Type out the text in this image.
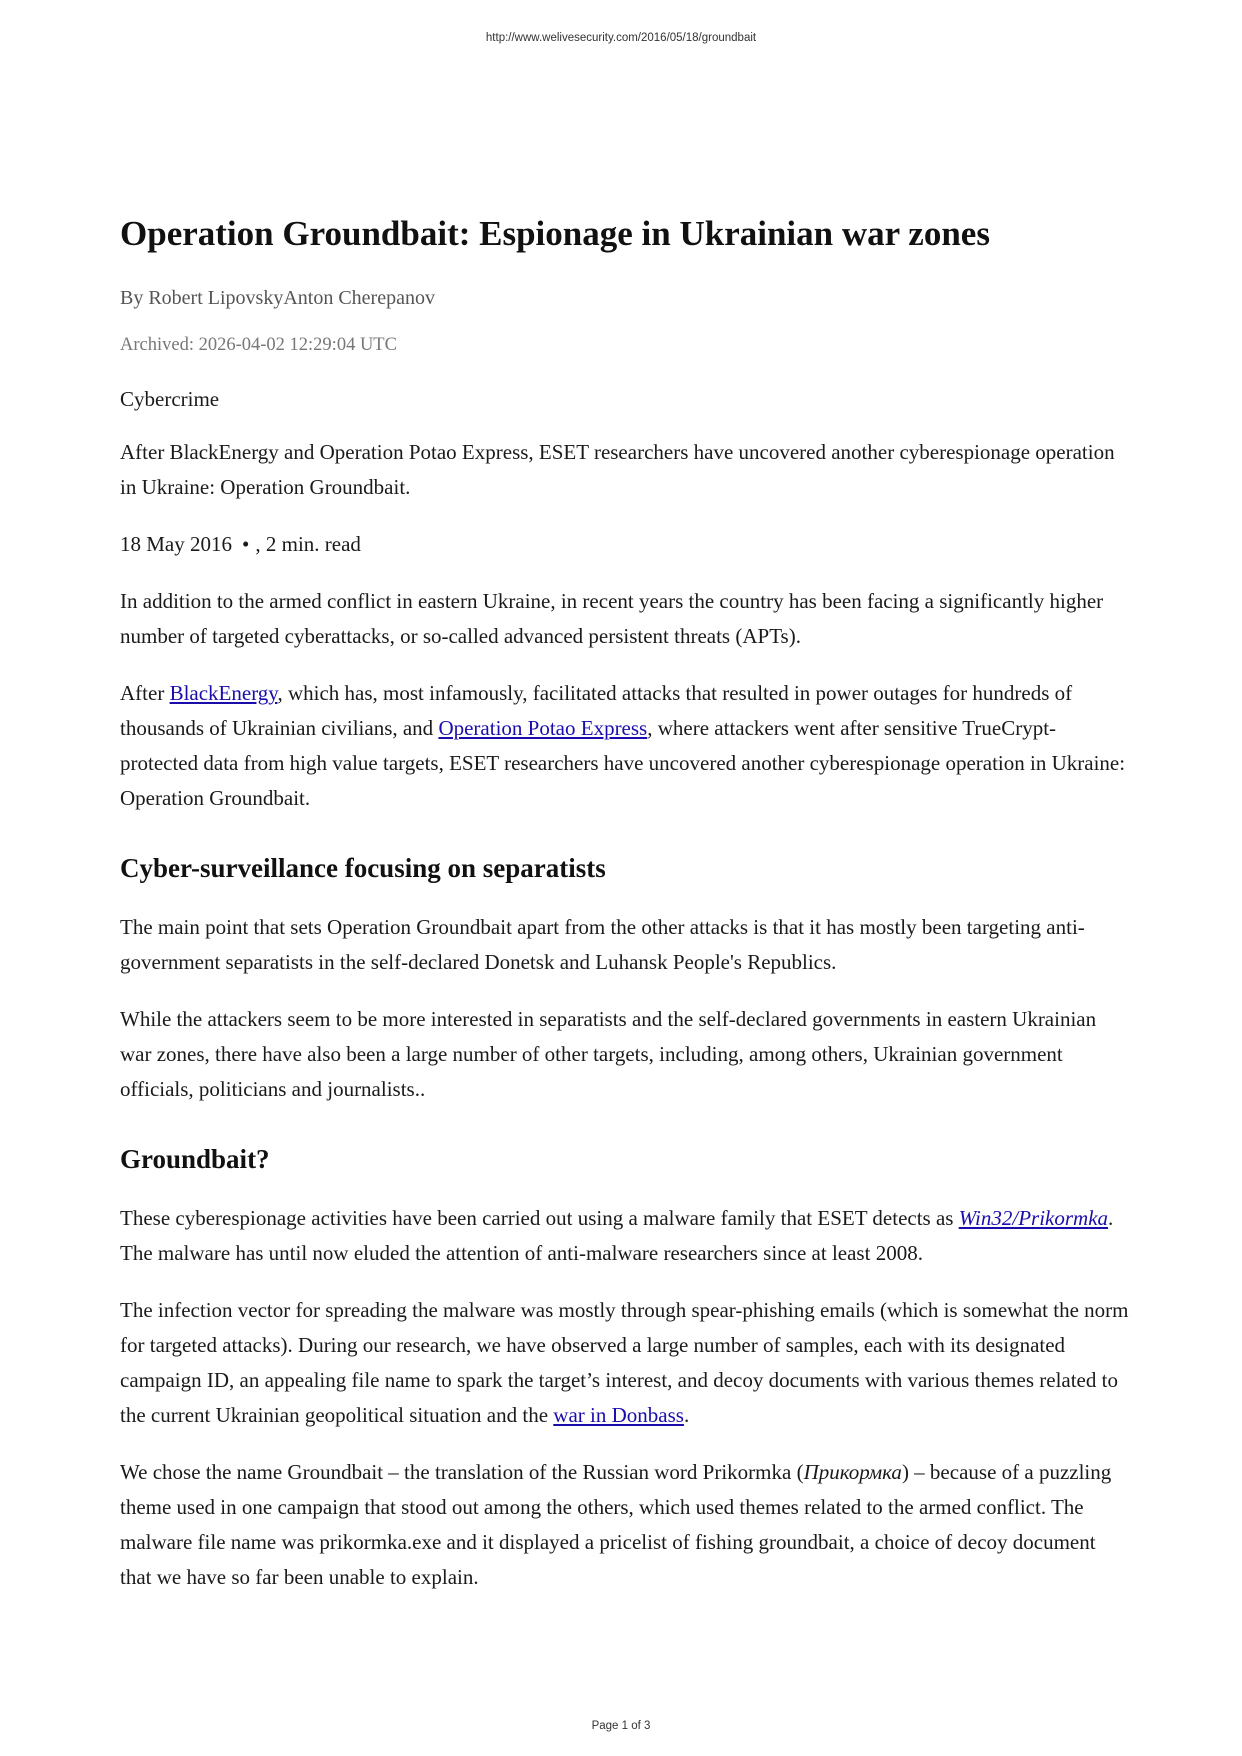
http://www.welivesecurity.com/2016/05/18/groundbait
Operation Groundbait: Espionage in Ukrainian war zones
By Robert LipovskyAnton Cherepanov
Archived: 2026-04-02 12:29:04 UTC

Cybercrime

After BlackEnergy and Operation Potao Express, ESET researchers have uncovered another cyberespionage operation in Ukraine: Operation Groundbait.

18 May 2016 • , 2 min. read

In addition to the armed conflict in eastern Ukraine, in recent years the country has been facing a significantly higher number of targeted cyberattacks, or so-called advanced persistent threats (APTs).

After BlackEnergy, which has, most infamously, facilitated attacks that resulted in power outages for hundreds of thousands of Ukrainian civilians, and Operation Potao Express, where attackers went after sensitive TrueCrypt-protected data from high value targets, ESET researchers have uncovered another cyberespionage operation in Ukraine: Operation Groundbait.

Cyber-surveillance focusing on separatists

The main point that sets Operation Groundbait apart from the other attacks is that it has mostly been targeting anti-government separatists in the self-declared Donetsk and Luhansk People's Republics.

While the attackers seem to be more interested in separatists and the self-declared governments in eastern Ukrainian war zones, there have also been a large number of other targets, including, among others, Ukrainian government officials, politicians and journalists..

Groundbait?

These cyberespionage activities have been carried out using a malware family that ESET detects as Win32/Prikormka. The malware has until now eluded the attention of anti-malware researchers since at least 2008.

The infection vector for spreading the malware was mostly through spear-phishing emails (which is somewhat the norm for targeted attacks). During our research, we have observed a large number of samples, each with its designated campaign ID, an appealing file name to spark the target’s interest, and decoy documents with various themes related to the current Ukrainian geopolitical situation and the war in Donbass.

We chose the name Groundbait – the translation of the Russian word Prikormka (Прикормка) – because of a puzzling theme used in one campaign that stood out among the others, which used themes related to the armed conflict. The malware file name was prikormka.exe and it displayed a pricelist of fishing groundbait, a choice of decoy document that we have so far been unable to explain.

Page 1 of 3
